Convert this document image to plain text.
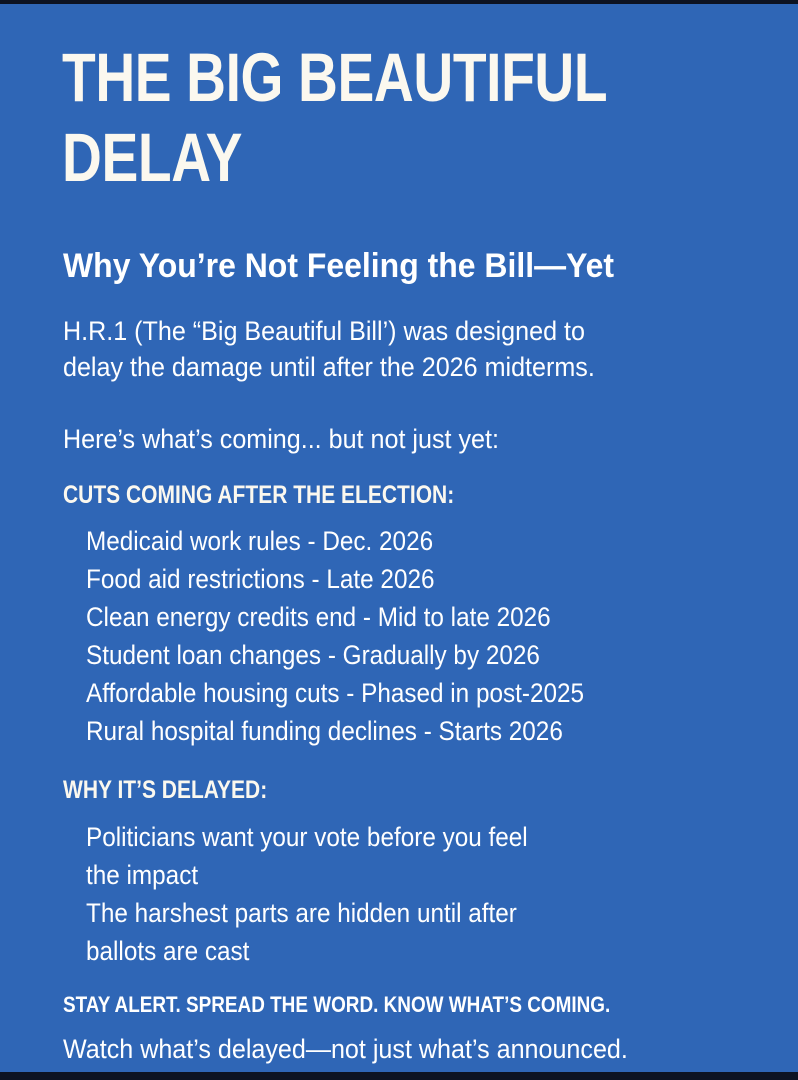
THE BIG BEAUTIFUL
DELAY
Why You’re Not Feeling the Bill—Yet

H.R.1 (The “Big Beautiful Bill’) was designed to
delay the damage until after the 2026 midterms.

Here’s what’s coming... but not just yet:

CUTS COMING AFTER THE ELECTION:
Medicaid work rules - Dec. 2026
Food aid restrictions - Late 2026
Clean energy credits end - Mid to late 2026
Student loan changes - Gradually by 2026
Affordable housing cuts - Phased in post-2025
Rural hospital funding declines - Starts 2026
WHY IT’S DELAYED:
Politicians want your vote before you feel
the impact
The harshest parts are hidden until after
ballots are cast

STAY ALERT. SPREAD THE WORD. KNOW WHAT’S COMING.

Watch what’s delayed—not just what’s announced.
